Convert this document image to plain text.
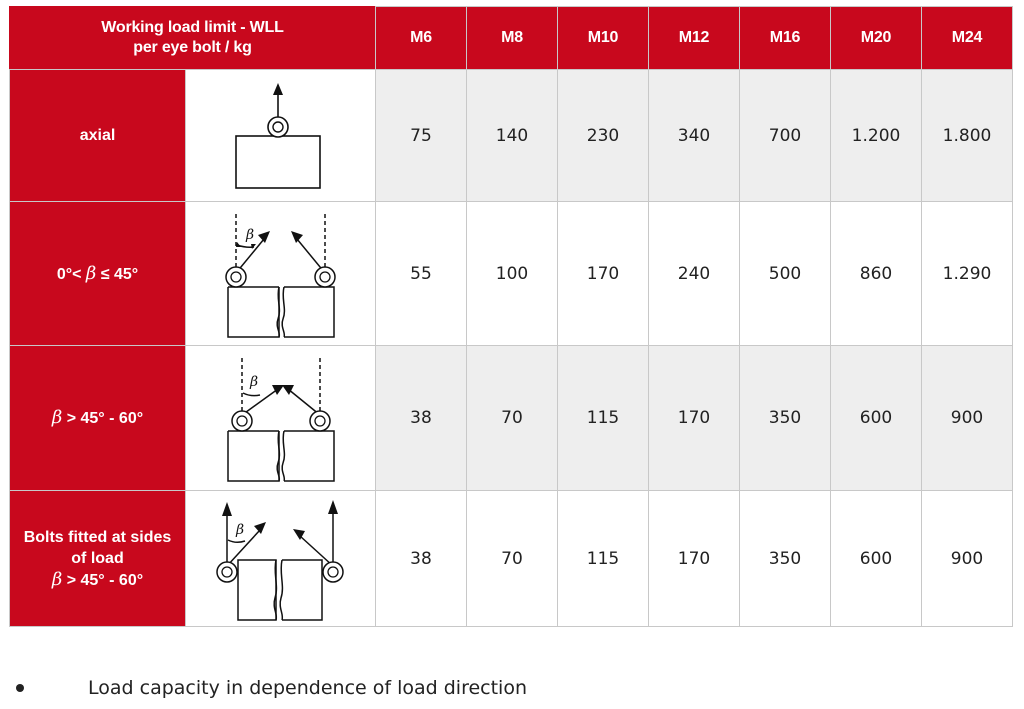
Working load limit - WLL
per eye bolt / kg		M6	M8	M10	M12	M16	M20	M24
axial		75	140	230	340	700	1.200	1.800
0°< β ≤ 45°	β	55	100	170	240	500	860	1.290
β > 45° - 60°	β	38	70	115	170	350	600	900
Bolts fitted at sides
of load
β > 45° - 60°	β	38	70	115	170	350	600	900
Load capacity in dependence of load direction
